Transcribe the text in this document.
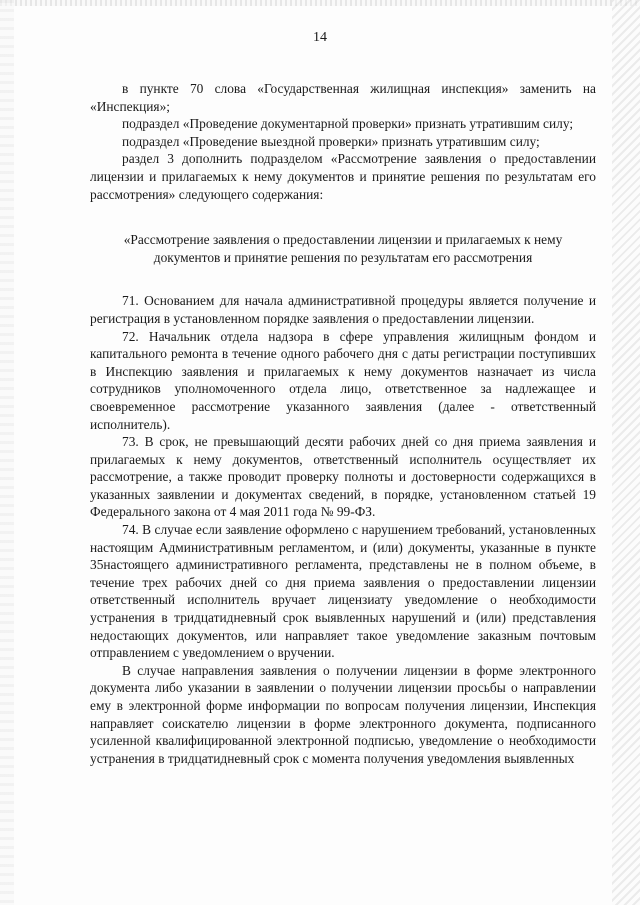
14

в пункте 70 слова «Государственная жилищная инспекция» заменить на «Инспекция»;

подраздел «Проведение документарной проверки» признать утратившим силу;

подраздел «Проведение выездной проверки» признать утратившим силу;

раздел 3 дополнить подразделом «Рассмотрение заявления о предоставлении лицензии и прилагаемых к нему документов и принятие решения по результатам его рассмотрения» следующего содержания:

«Рассмотрение заявления о предоставлении лицензии и прилагаемых к нему документов и принятие решения по результатам его рассмотрения

71. Основанием для начала административной процедуры является получение и регистрация в установленном порядке заявления о предоставлении лицензии.

72. Начальник отдела надзора в сфере управления жилищным фондом и капитального ремонта в течение одного рабочего дня с даты регистрации поступивших в Инспекцию заявления и прилагаемых к нему документов назначает из числа сотрудников уполномоченного отдела лицо, ответственное за надлежащее и своевременное рассмотрение указанного заявления (далее - ответственный исполнитель).

73. В срок, не превышающий десяти рабочих дней со дня приема заявления и прилагаемых к нему документов, ответственный исполнитель осуществляет их рассмотрение, а также проводит проверку полноты и достоверности содержащихся в указанных заявлении и документах сведений, в порядке, установленном статьей 19 Федерального закона от 4 мая 2011 года № 99-ФЗ.

74. В случае если заявление оформлено с нарушением требований, установленных настоящим Административным регламентом, и (или) документы, указанные в пункте 35настоящего административного регламента, представлены не в полном объеме, в течение трех рабочих дней со дня приема заявления о предоставлении лицензии ответственный исполнитель вручает лицензиату уведомление о необходимости устранения в тридцатидневный срок выявленных нарушений и (или) представления недостающих документов, или направляет такое уведомление заказным почтовым отправлением с уведомлением о вручении.

В случае направления заявления о получении лицензии в форме электронного документа либо указании в заявлении о получении лицензии просьбы о направлении ему в электронной форме информации по вопросам получения лицензии, Инспекция направляет соискателю лицензии в форме электронного документа, подписанного усиленной квалифицированной электронной подписью, уведомление о необходимости устранения в тридцатидневный срок с момента получения уведомления выявленных
